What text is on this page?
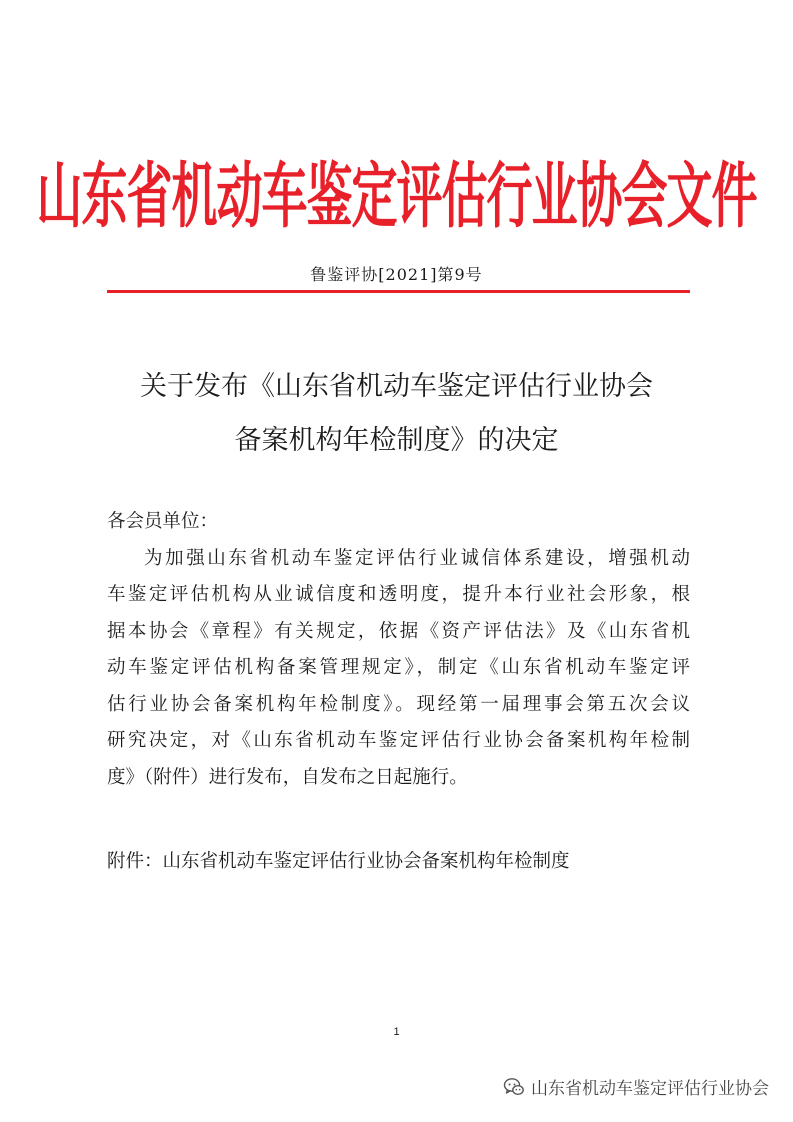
山东省机动车鉴定评估行业协会文件
鲁鉴评协[2021]第9号
关于发布《山东省机动车鉴定评估行业协会
备案机构年检制度》的决定
各会员单位：
为加强山东省机动车鉴定评估行业诚信体系建设，增强机动
车鉴定评估机构从业诚信度和透明度，提升本行业社会形象，根
据本协会《章程》有关规定，依据《资产评估法》及《山东省机
动车鉴定评估机构备案管理规定》，制定《山东省机动车鉴定评
估行业协会备案机构年检制度》。现经第一届理事会第五次会议
研究决定，对《山东省机动车鉴定评估行业协会备案机构年检制
度》（附件）进行发布，自发布之日起施行。
附件：山东省机动车鉴定评估行业协会备案机构年检制度
1
山东省机动车鉴定评估行业协会
